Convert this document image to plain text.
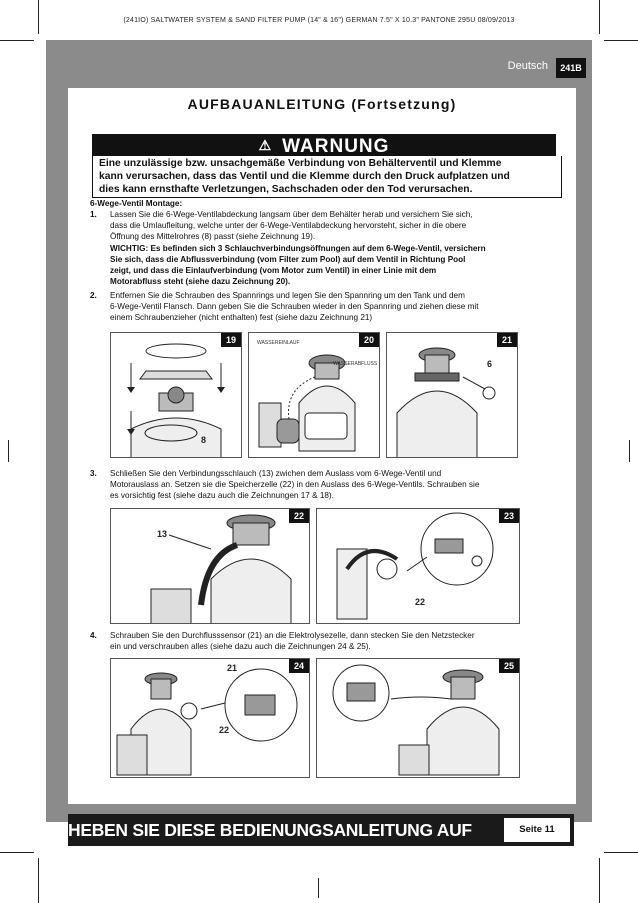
(241IO) SALTWATER SYSTEM & SAND FILTER PUMP (14" & 16") GERMAN 7.5" X 10.3" PANTONE 295U 08/09/2013
Deutsch	241B
AUFBAUANLEITUNG (Fortsetzung)
⚠ WARNUNG
Eine unzulässige bzw. unsachgemäße Verbindung von Behälterventil und Klemme
kann verursachen, dass das Ventil und die Klemme durch den Druck aufplatzen und
dies kann ernsthafte Verletzungen, Sachschaden oder den Tod verursachen.
6-Wege-Ventil Montage:
1. Lassen Sie die 6-Wege-Ventilabdeckung langsam über dem Behälter herab und versichern Sie sich,
dass die Umlaufleitung, welche unter der 6-Wege-Ventilabdeckung hervorsteht, sicher in die obere
Öffnung des Mittelrohres (8) passt (siehe Zeichnung 19).
WICHTIG: Es befinden sich 3 Schlauchverbindungsöffnungen auf dem 6-Wege-Ventil, versichern
Sie sich, dass die Abflussverbindung (vom Filter zum Pool) auf dem Ventil in Richtung Pool
zeigt, und dass die Einlaufverbindung (vom Motor zum Ventil) in einer Linie mit dem
Motorabfluss steht (siehe dazu Zeichnung 20).
2. Entfernen Sie die Schrauben des Spannrings und legen Sie den Spannring um den Tank und dem
6-Wege-Ventil Flansch. Dann geben Sie die Schrauben wieder in den Spannring und ziehen diese mit
einem Schraubenzieher (nicht enthalten) fest (siehe dazu Zeichnung 21)
19
8
20
WASSEREINLAUF
WASSERABFLUSS
21
6
3. Schließen Sie den Verbindungsschlauch (13) zwichen dem Auslass vom 6-Wege-Ventil und
Motorauslass an. Setzen sie die Speicherzelle (22) in den Auslass des 6-Wege-Ventils. Schrauben sie
es vorsichtig fest (siehe dazu auch die Zeichnungen 17 & 18).
22
13
23
22
4. Schrauben Sie den Durchflusssensor (21) an die Elektrolysezelle, dann stecken Sie den Netzstecker
ein und verschrauben alles (siehe dazu auch die Zeichnungen 24 & 25).
24
21
22
25
HEBEN SIE DIESE BEDIENUNGSANLEITUNG AUF	Seite 11
